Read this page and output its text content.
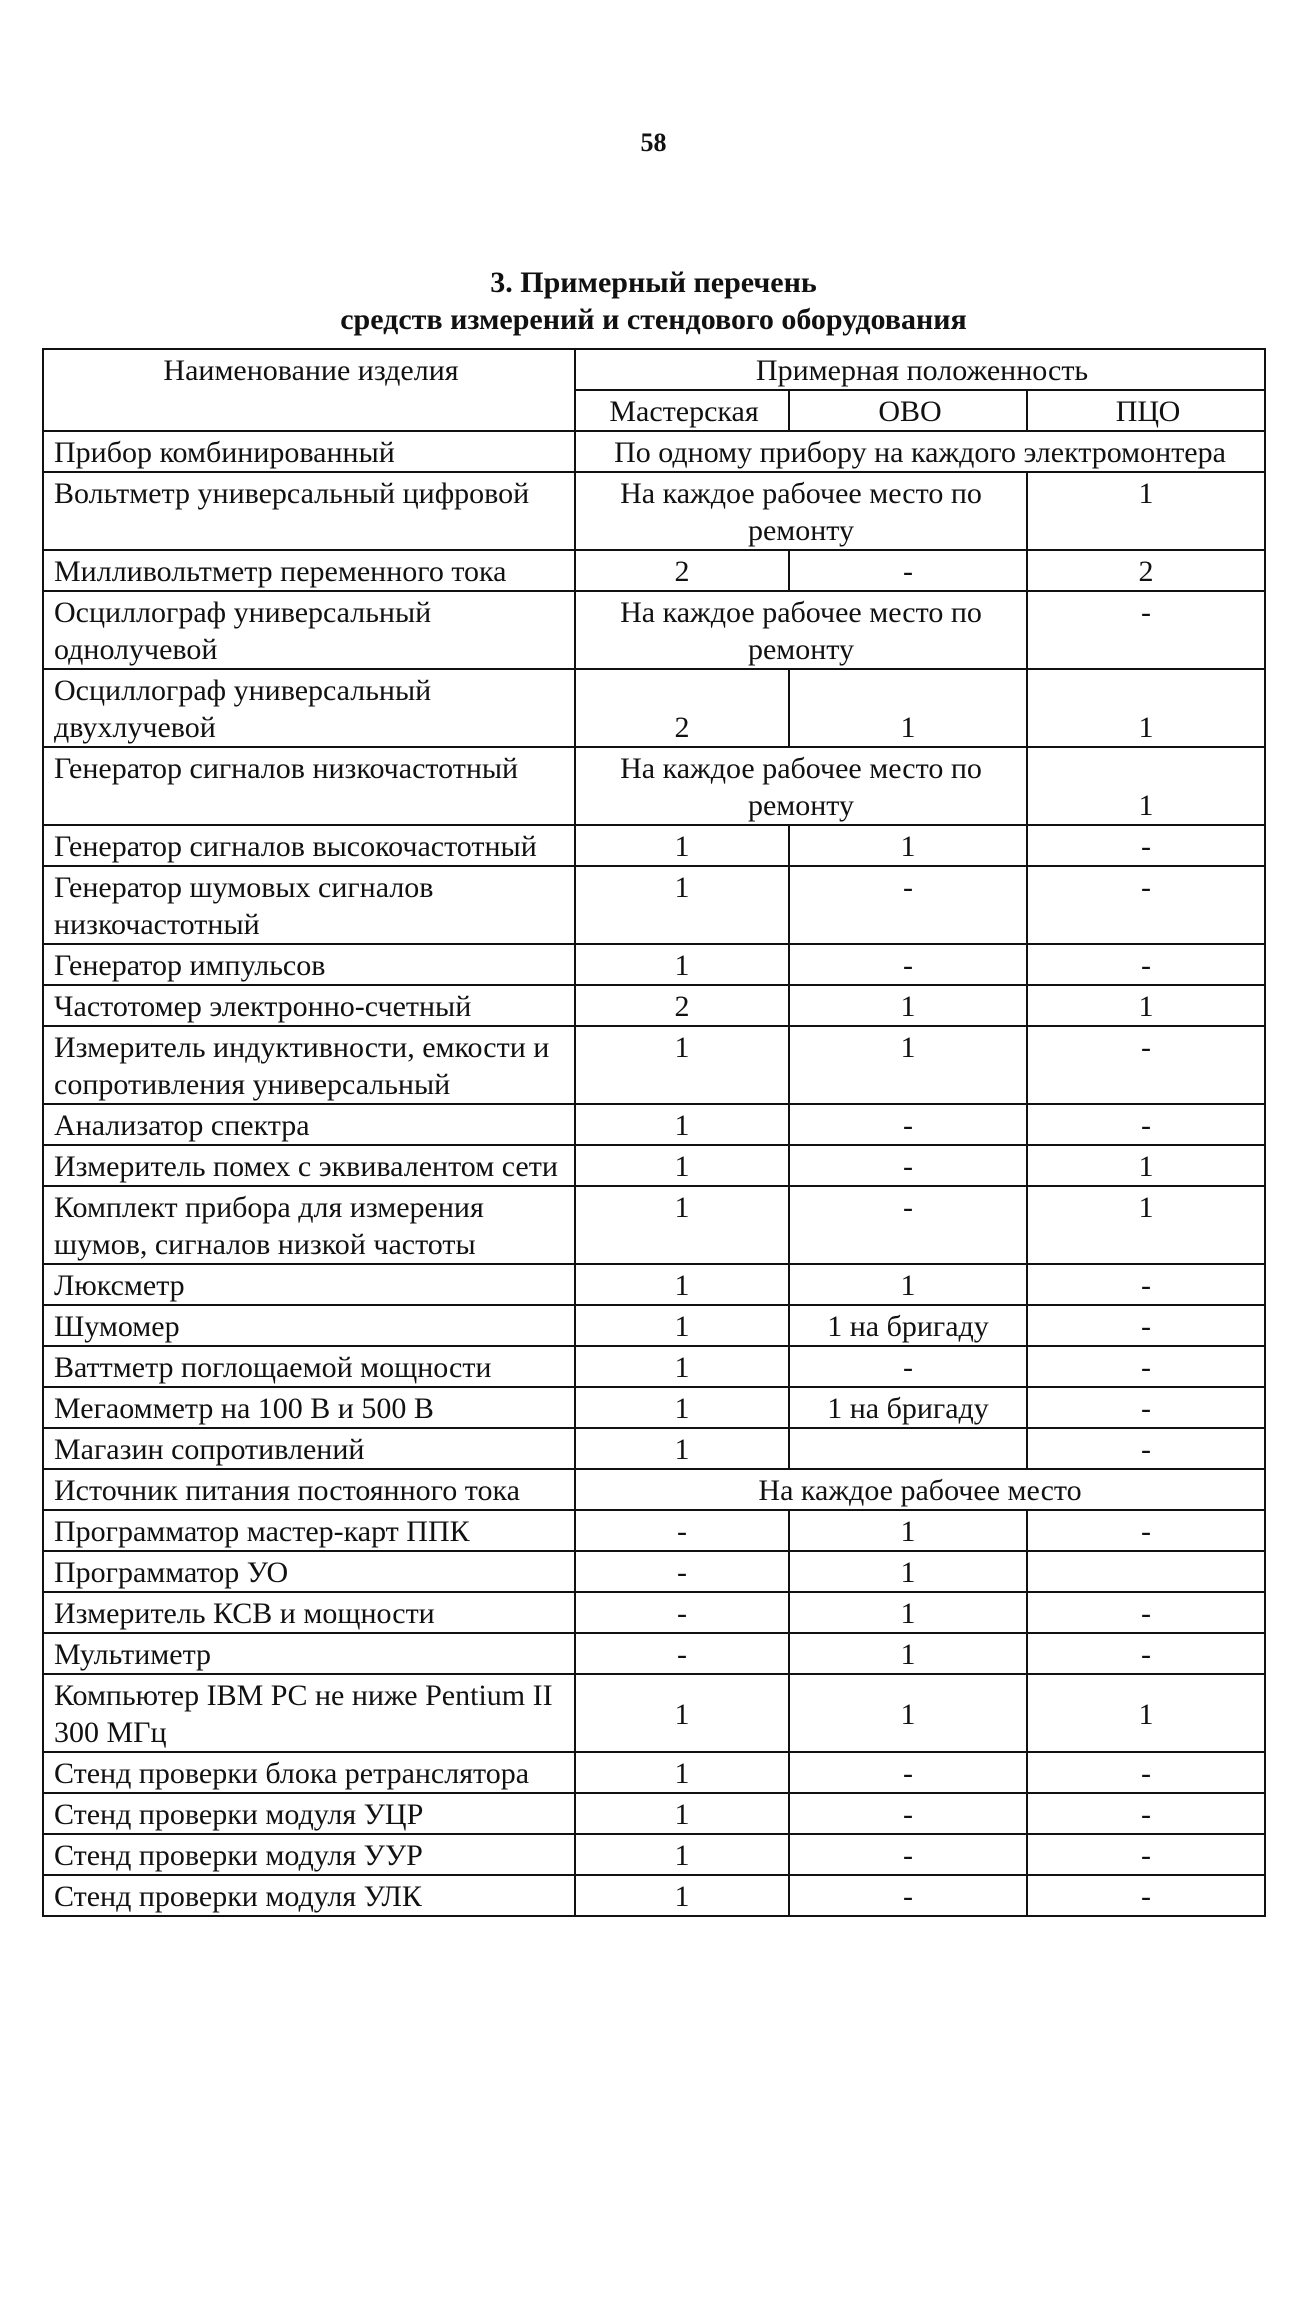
58
3. Примерный перечень
средств измерений и стендового оборудования
Наименование изделия	Примерная положенность		
	Мастерская	ОВО	ПЦО
Прибор комбинированный	По одному прибору на каждого электромонтера		
Вольтметр универсальный цифровой	На каждое рабочее место по ремонту		1
Милливольтметр переменного тока	2	-	2
Осциллограф универсальный однолучевой	На каждое рабочее место по ремонту		-
Осциллограф универсальный двухлучевой	2	1	1
Генератор сигналов низкочастотный	На каждое рабочее место по ремонту		1
Генератор сигналов высокочастотный	1	1	-
Генератор шумовых сигналов низкочастотный	1	-	-
Генератор импульсов	1	-	-
Частотомер электронно-счетный	2	1	1
Измеритель индуктивности, емкости и сопротивления универсальный	1	1	-
Анализатор спектра	1	-	-
Измеритель помех с эквивалентом сети	1	-	1
Комплект прибора для измерения шумов, сигналов низкой частоты	1	-	1
Люксметр	1	1	-
Шумомер	1	1 на бригаду	-
Ваттметр поглощаемой мощности	1	-	-
Мегаомметр на 100 В и 500 В	1	1 на бригаду	-
Магазин сопротивлений	1		-
Источник питания постоянного тока	На каждое рабочее место		
Программатор мастер-карт ППК	-	1	-
Программатор УО	-	1	
Измеритель КСВ и мощности	-	1	-
Мультиметр	-	1	-
Компьютер IBM PC не ниже Pentium II 300 МГц	1	1	1
Стенд проверки блока ретранслятора	1	-	-
Стенд проверки модуля УЦР	1	-	-
Стенд проверки модуля УУР	1	-	-
Стенд проверки модуля УЛК	1	-	-
